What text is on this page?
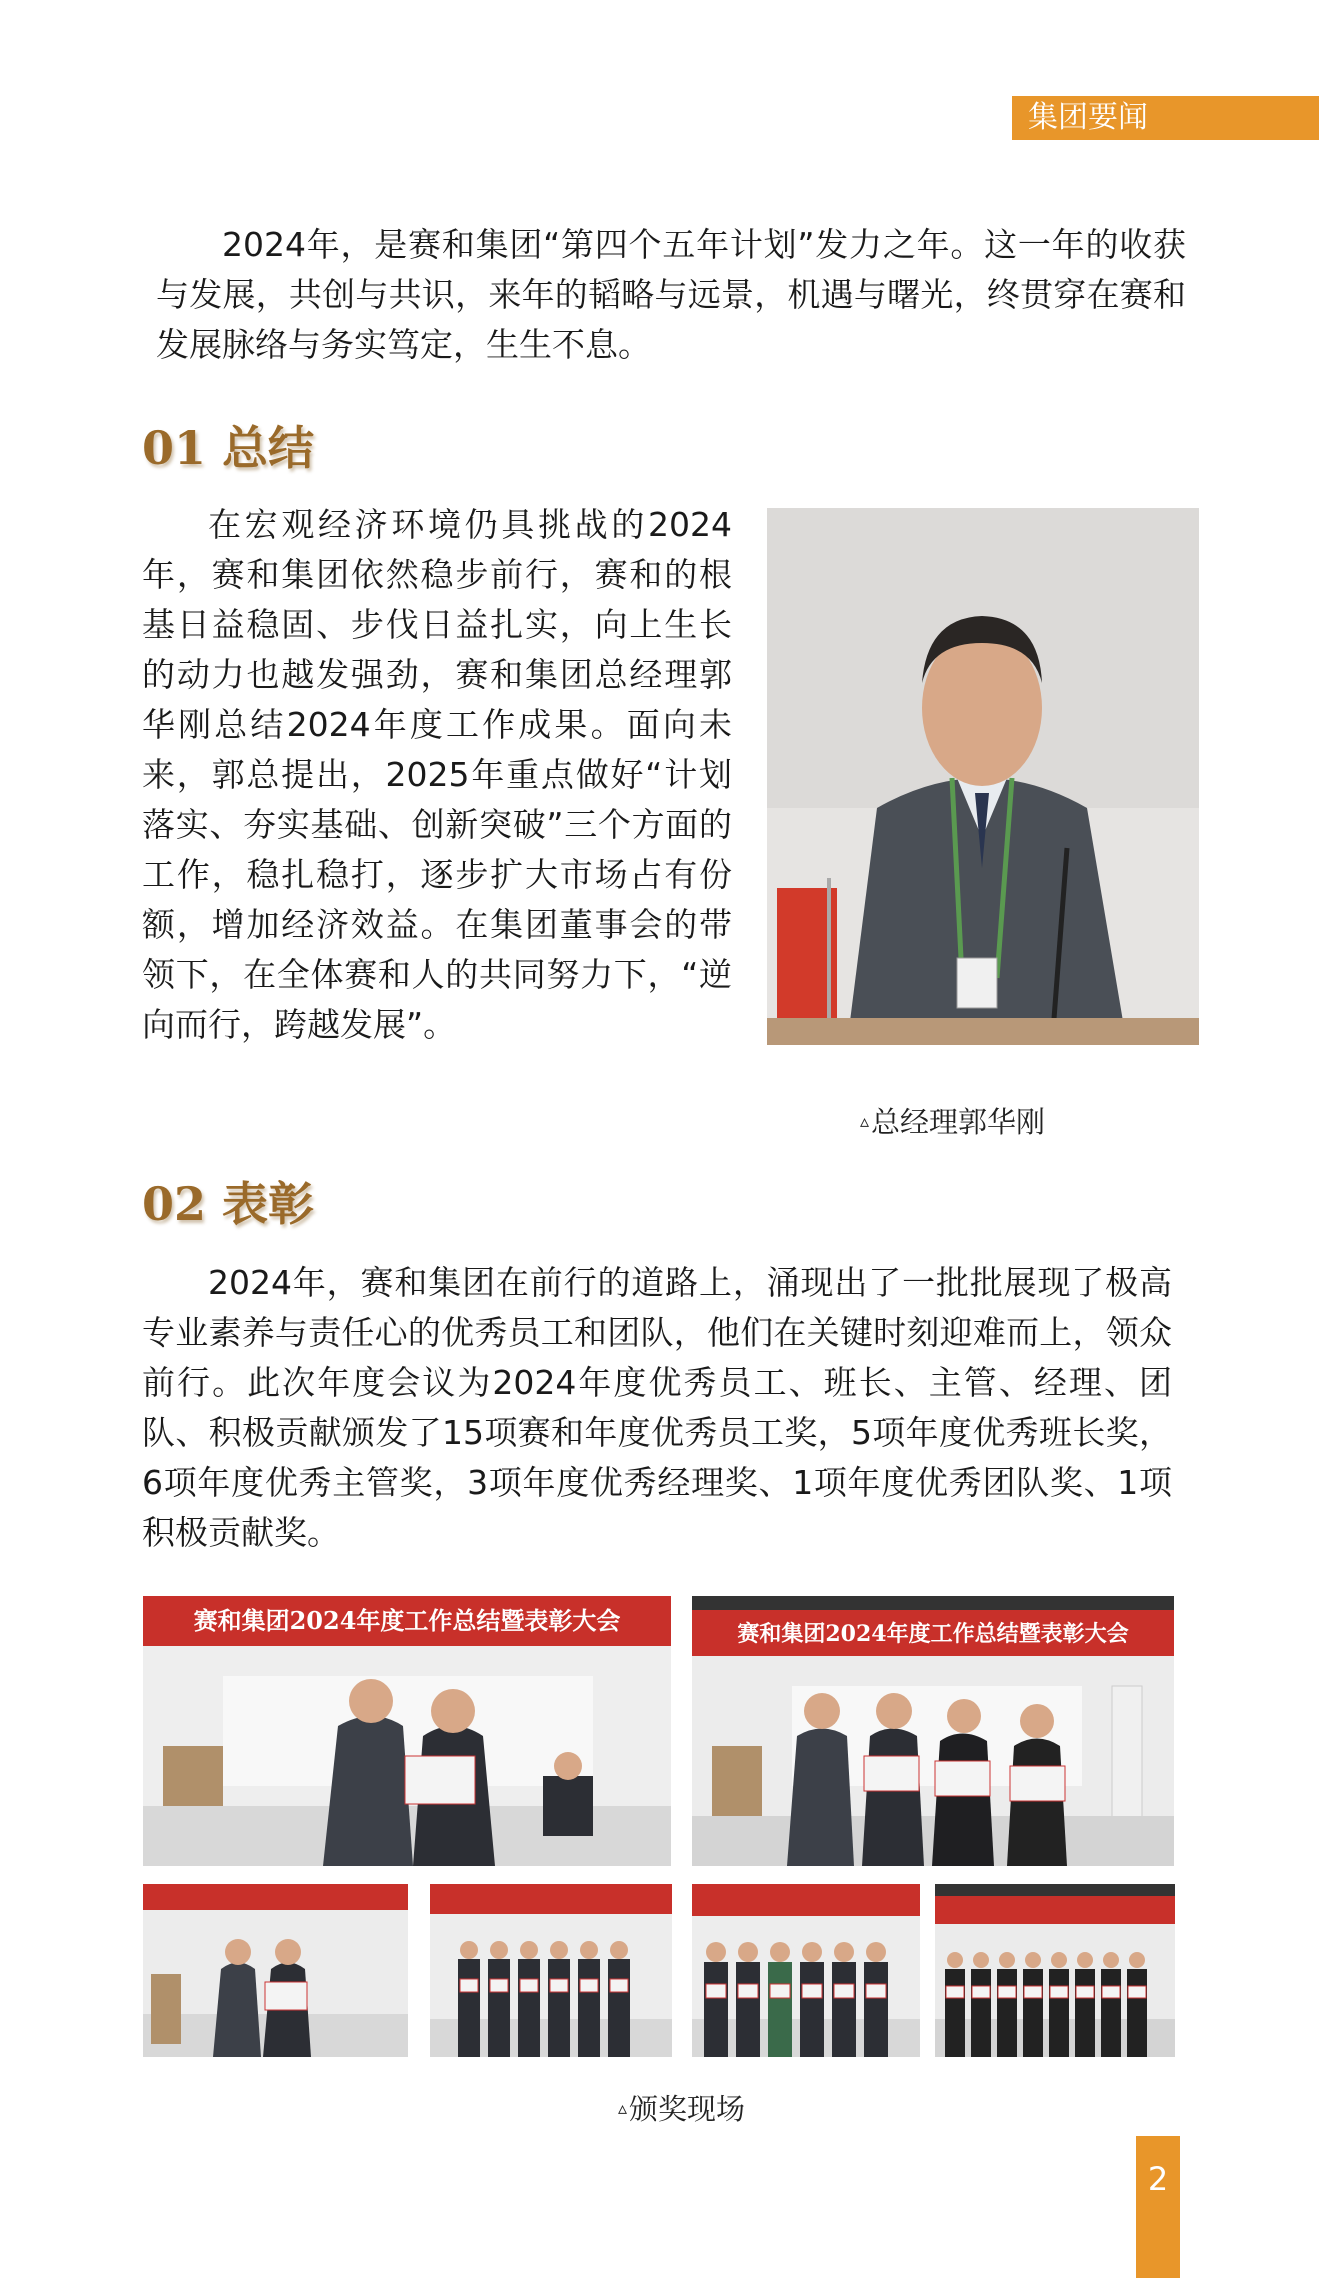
集团要闻

2024年，是赛和集团“第四个五年计划”发力之年。这一年的收获与发展，共创与共识，来年的韬略与远景，机遇与曙光，终贯穿在赛和发展脉络与务实笃定，生生不息。

01 总结

在宏观经济环境仍具挑战的2024年，赛和集团依然稳步前行，赛和的根基日益稳固、步伐日益扎实，向上生长的动力也越发强劲，赛和集团总经理郭华刚总结2024年度工作成果。面向未来，郭总提出，2025年重点做好“计划落实、夯实基础、创新突破”三个方面的工作，稳扎稳打，逐步扩大市场占有份额，增加经济效益。在集团董事会的带领下，在全体赛和人的共同努力下，“逆向而行，跨越发展”。

▵总经理郭华刚
02 表彰

2024年，赛和集团在前行的道路上，涌现出了一批批展现了极高专业素养与责任心的优秀员工和团队，他们在关键时刻迎难而上，领众前行。此次年度会议为2024年度优秀员工、班长、主管、经理、团队、积极贡献颁发了15项赛和年度优秀员工奖，5项年度优秀班长奖，6项年度优秀主管奖，3项年度优秀经理奖、1项年度优秀团队奖、1项积极贡献奖。

赛和集团2024年度工作总结暨表彰大会	赛和集团2024年度工作总结暨表彰大会
▵颁奖现场
2
